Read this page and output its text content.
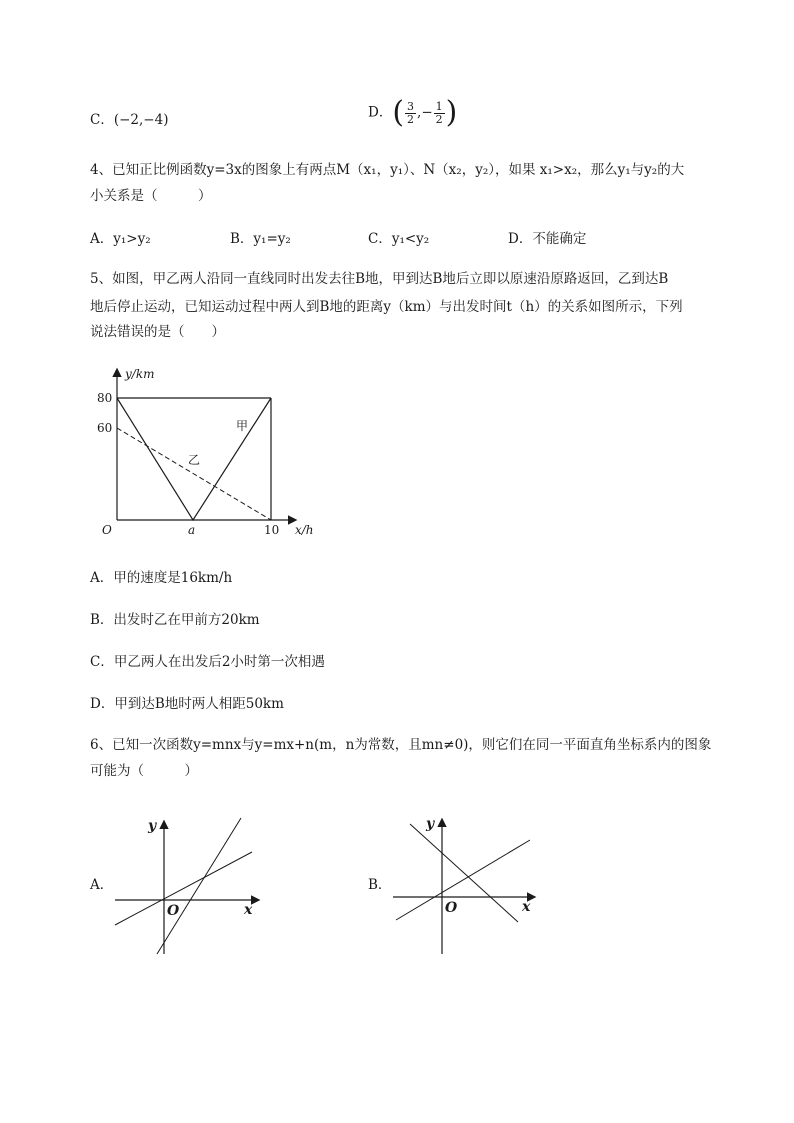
C．(−2,−4)	D．( $\frac{3}{2}$ ,− $\frac{1}{2}$ )
4、已知正比例函数y=3x的图象上有两点M（x₁，y₁）、N（x₂，y₂），如果 x₁>x₂，那么y₁与y₂的大
小关系是（　　　）
A．y₁>y₂	B．y₁=y₂	C．y₁<y₂	D．不能确定
5、如图，甲乙两人沿同一直线同时出发去往B地，甲到达B地后立即以原速沿原路返回，乙到达B
地后停止运动，已知运动过程中两人到B地的距离y（km）与出发时间t（h）的关系如图所示，下列
说法错误的是（　　）
y/km
x/h
O
80
60
a	10
甲
乙
A．甲的速度是16km/h
B．出发时乙在甲前方20km
C．甲乙两人在出发后2小时第一次相遇
D．甲到达B地时两人相距50km
6、已知一次函数y=mnx与y=mx+n(m，n为常数，且mn≠0)，则它们在同一平面直角坐标系内的图象
可能为（　　　）
A．
y
x
O
B．
y
x
O
